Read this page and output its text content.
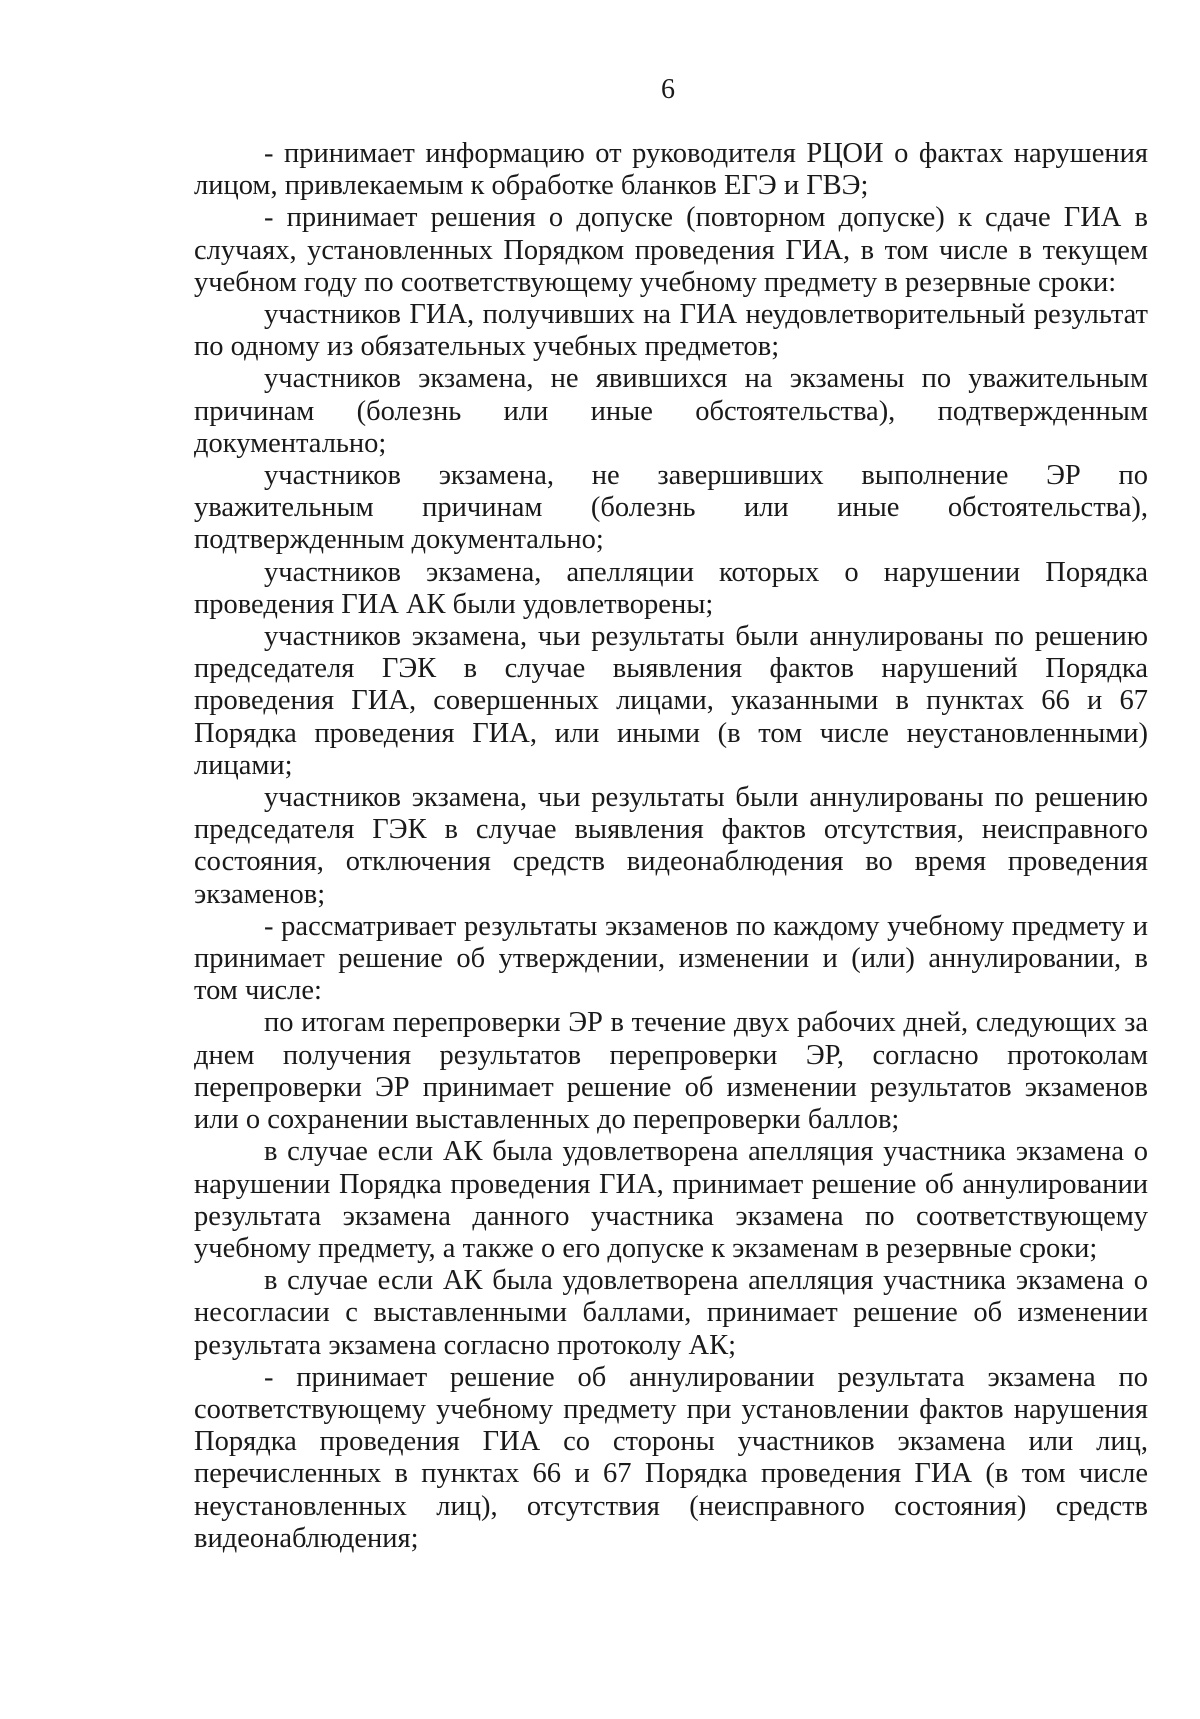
6

- принимает информацию от руководителя РЦОИ о фактах нарушения лицом, привлекаемым к обработке бланков ЕГЭ и ГВЭ;

- принимает решения о допуске (повторном допуске) к сдаче ГИА в случаях, установленных Порядком проведения ГИА, в том числе в текущем учебном году по соответствующему учебному предмету в резервные сроки:

участников ГИА, получивших на ГИА неудовлетворительный результат по одному из обязательных учебных предметов;

участников экзамена, не явившихся на экзамены по уважительным причинам (болезнь или иные обстоятельства), подтвержденным документально;

участников экзамена, не завершивших выполнение ЭР по уважительным причинам (болезнь или иные обстоятельства), подтвержденным документально;

участников экзамена, апелляции которых о нарушении Порядка проведения ГИА АК были удовлетворены;

участников экзамена, чьи результаты были аннулированы по решению председателя ГЭК в случае выявления фактов нарушений Порядка проведения ГИА, совершенных лицами, указанными в пунктах 66 и 67 Порядка проведения ГИА, или иными (в том числе неустановленными) лицами;

участников экзамена, чьи результаты были аннулированы по решению председателя ГЭК в случае выявления фактов отсутствия, неисправного состояния, отключения средств видеонаблюдения во время проведения экзаменов;

- рассматривает результаты экзаменов по каждому учебному предмету и принимает решение об утверждении, изменении и (или) аннулировании, в том числе:

по итогам перепроверки ЭР в течение двух рабочих дней, следующих за днем получения результатов перепроверки ЭР, согласно протоколам перепроверки ЭР принимает решение об изменении результатов экзаменов или о сохранении выставленных до перепроверки баллов;

в случае если АК была удовлетворена апелляция участника экзамена о нарушении Порядка проведения ГИА, принимает решение об аннулировании результата экзамена данного участника экзамена по соответствующему учебному предмету, а также о его допуске к экзаменам в резервные сроки;

в случае если АК была удовлетворена апелляция участника экзамена о несогласии с выставленными баллами, принимает решение об изменении результата экзамена согласно протоколу АК;

- принимает решение об аннулировании результата экзамена по соответствующему учебному предмету при установлении фактов нарушения Порядка проведения ГИА со стороны участников экзамена или лиц, перечисленных в пунктах 66 и 67 Порядка проведения ГИА (в том числе неустановленных лиц), отсутствия (неисправного состояния) средств видеонаблюдения;
